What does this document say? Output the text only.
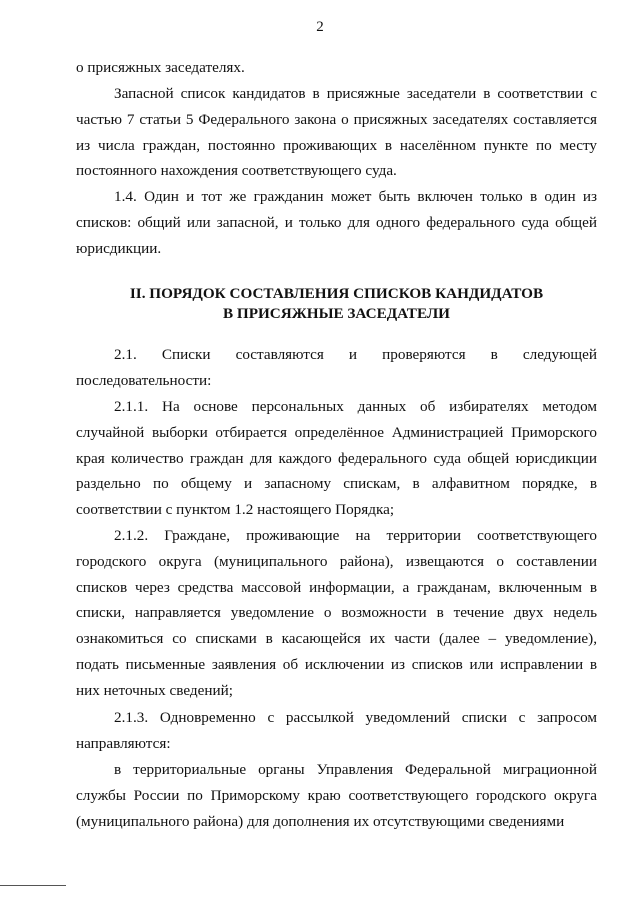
2
о присяжных заседателях.
Запасной список кандидатов в присяжные заседатели в соответствии с частью 7 статьи 5 Федерального закона о присяжных заседателях составляется из числа граждан, постоянно проживающих в населённом пункте по месту постоянного нахождения соответствующего суда.
1.4. Один и тот же гражданин может быть включен только в один из списков: общий или запасной, и только для одного федерального суда общей юрисдикции.
II. ПОРЯДОК СОСТАВЛЕНИЯ СПИСКОВ КАНДИДАТОВ
В ПРИСЯЖНЫЕ ЗАСЕДАТЕЛИ
2.1. Списки составляются и проверяются в следующей последовательности:
2.1.1. На основе персональных данных об избирателях методом случайной выборки отбирается определённое Администрацией Приморского края количество граждан для каждого федерального суда общей юрисдикции раздельно по общему и запасному спискам, в алфавитном порядке, в соответствии с пунктом 1.2 настоящего Порядка;
2.1.2. Граждане, проживающие на территории соответствующего городского округа (муниципального района), извещаются о составлении списков через средства массовой информации, а гражданам, включенным в списки, направляется уведомление о возможности в течение двух недель ознакомиться со списками в касающейся их части (далее – уведомление), подать письменные заявления об исключении из списков или исправлении в них неточных сведений;
2.1.3. Одновременно с рассылкой уведомлений списки с запросом направляются:
в территориальные органы Управления Федеральной миграционной службы России по Приморскому краю соответствующего городского округа (муниципального района) для дополнения их отсутствующими сведениями
